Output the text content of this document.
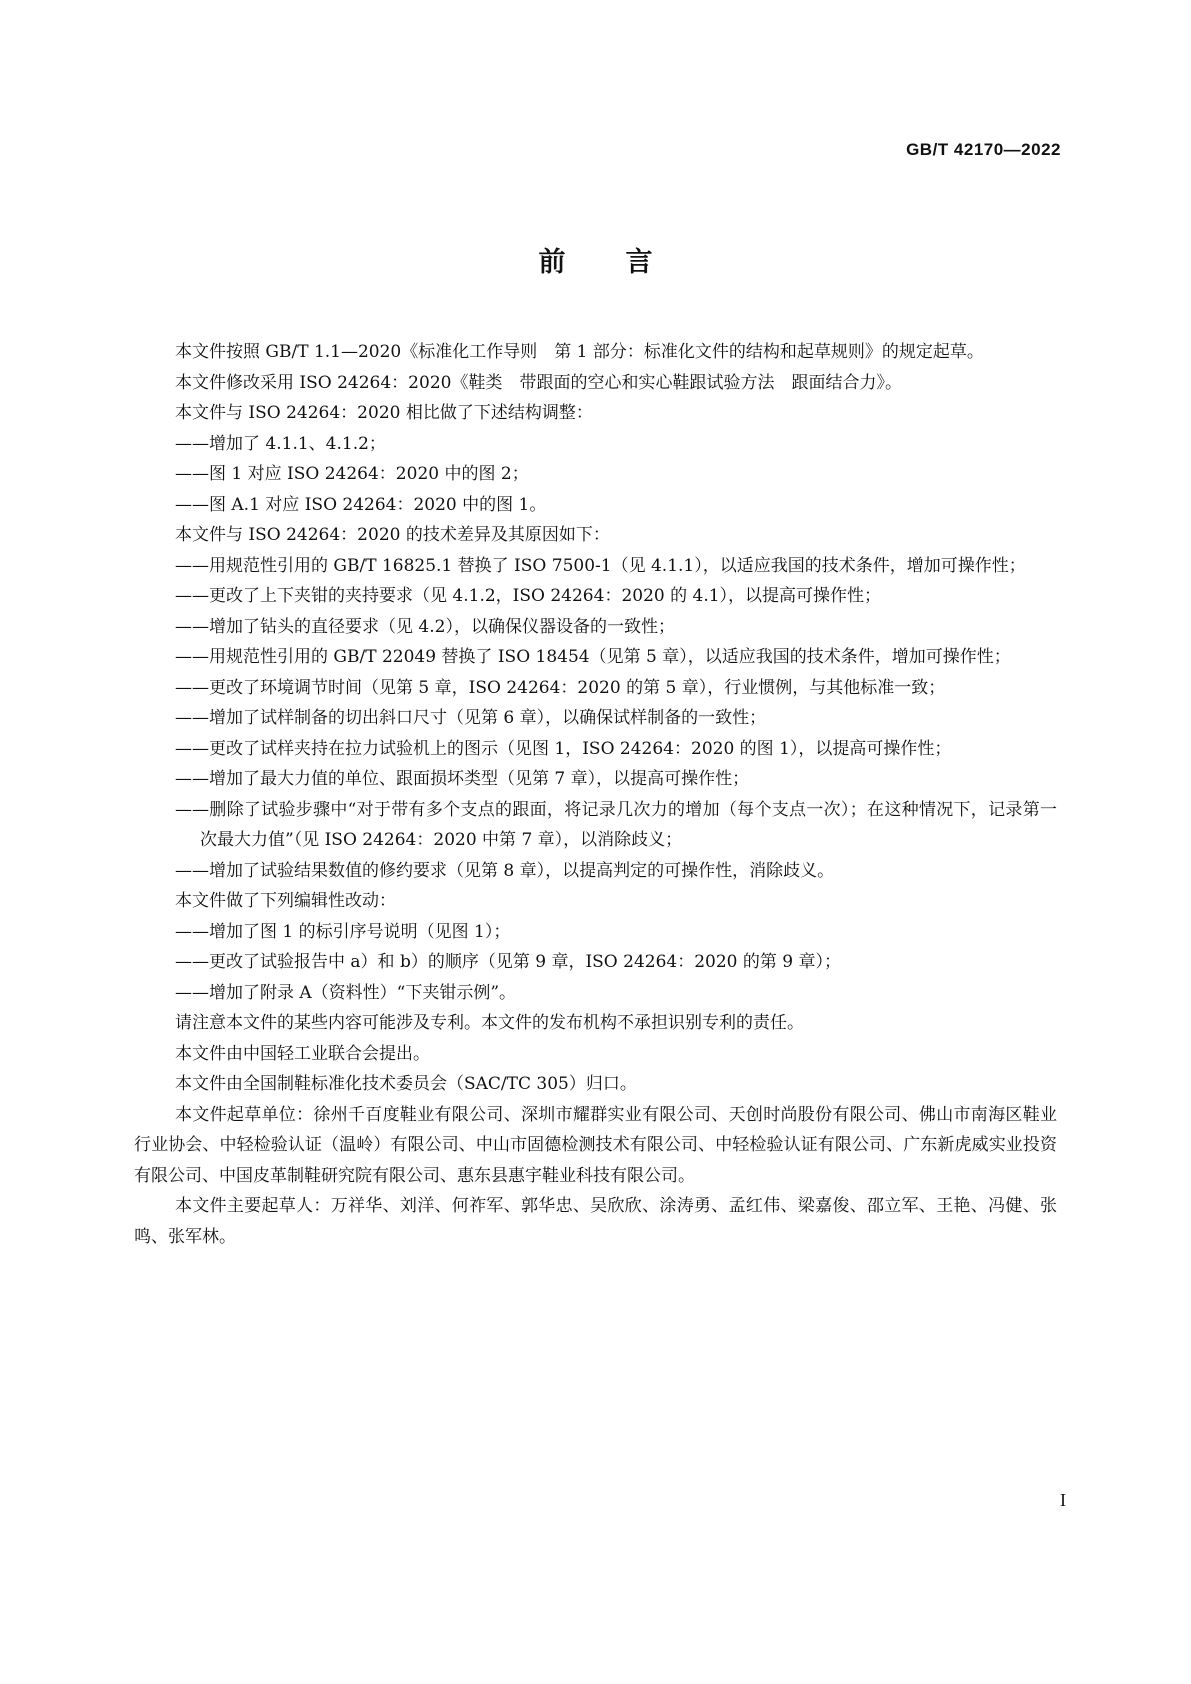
GB/T 42170—2022
前言

本文件按照 GB/T 1.1—2020《标准化工作导则　第 1 部分：标准化文件的结构和起草规则》的规定起草。

本文件修改采用 ISO 24264：2020《鞋类　带跟面的空心和实心鞋跟试验方法　跟面结合力》。

本文件与 ISO 24264：2020 相比做了下述结构调整：

——增加了 4.1.1、4.1.2；

——图 1 对应 ISO 24264：2020 中的图 2；

——图 A.1 对应 ISO 24264：2020 中的图 1。

本文件与 ISO 24264：2020 的技术差异及其原因如下：

——用规范性引用的 GB/T 16825.1 替换了 ISO 7500-1（见 4.1.1），以适应我国的技术条件，增加可操作性；

——更改了上下夹钳的夹持要求（见 4.1.2，ISO 24264：2020 的 4.1），以提高可操作性；

——增加了钻头的直径要求（见 4.2），以确保仪器设备的一致性；

——用规范性引用的 GB/T 22049 替换了 ISO 18454（见第 5 章），以适应我国的技术条件，增加可操作性；

——更改了环境调节时间（见第 5 章，ISO 24264：2020 的第 5 章），行业惯例，与其他标准一致；

——增加了试样制备的切出斜口尺寸（见第 6 章），以确保试样制备的一致性；

——更改了试样夹持在拉力试验机上的图示（见图 1，ISO 24264：2020 的图 1），以提高可操作性；

——增加了最大力值的单位、跟面损坏类型（见第 7 章），以提高可操作性；

——删除了试验步骤中“对于带有多个支点的跟面，将记录几次力的增加（每个支点一次）；在这种情况下，记录第一次最大力值”（见 ISO 24264：2020 中第 7 章），以消除歧义；

——增加了试验结果数值的修约要求（见第 8 章），以提高判定的可操作性，消除歧义。

本文件做了下列编辑性改动：

——增加了图 1 的标引序号说明（见图 1）；

——更改了试验报告中 a）和 b）的顺序（见第 9 章，ISO 24264：2020 的第 9 章）；

——增加了附录 A（资料性）“下夹钳示例”。

请注意本文件的某些内容可能涉及专利。本文件的发布机构不承担识别专利的责任。

本文件由中国轻工业联合会提出。

本文件由全国制鞋标准化技术委员会（SAC/TC 305）归口。

本文件起草单位：徐州千百度鞋业有限公司、深圳市耀群实业有限公司、天创时尚股份有限公司、佛山市南海区鞋业行业协会、中轻检验认证（温岭）有限公司、中山市固德检测技术有限公司、中轻检验认证有限公司、广东新虎威实业投资有限公司、中国皮革制鞋研究院有限公司、惠东县惠宇鞋业科技有限公司。

本文件主要起草人：万祥华、刘洋、何祚军、郭华忠、吴欣欣、涂涛勇、孟红伟、梁嘉俊、邵立军、王艳、冯健、张鸣、张军林。

I
